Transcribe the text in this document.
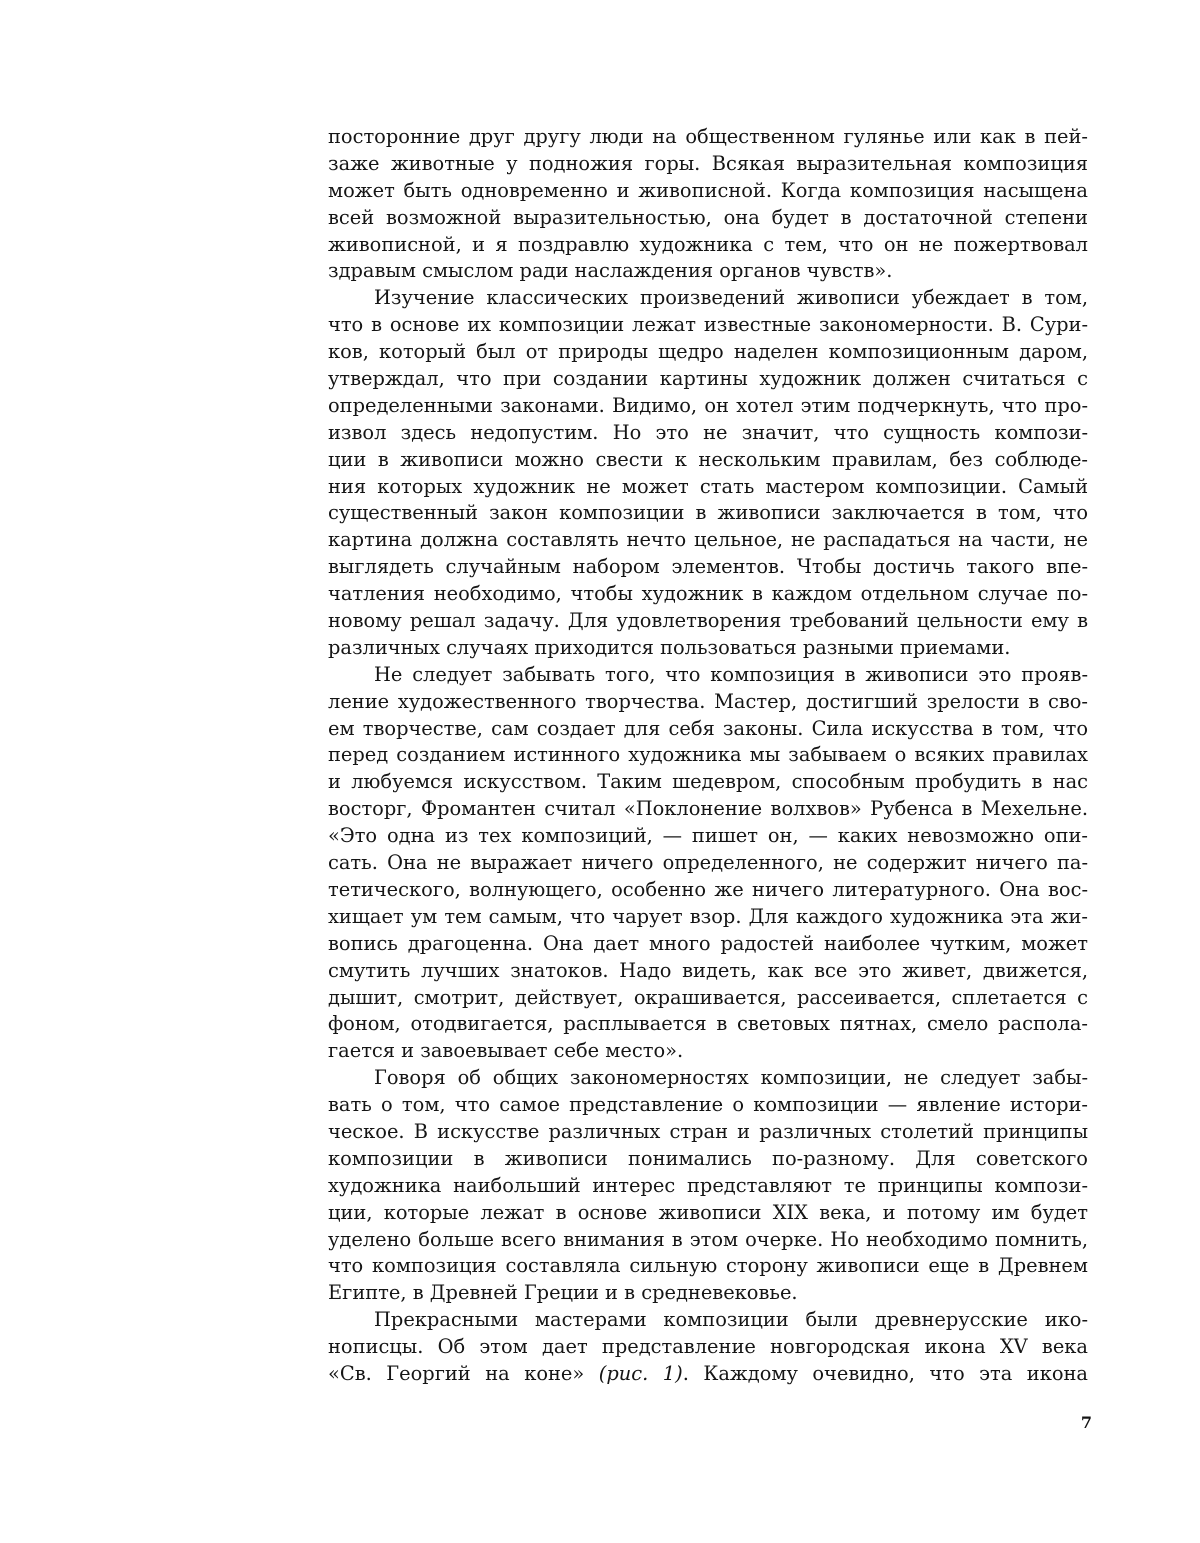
посторонние друг другу люди на общественном гулянье или как в пей-
заже животные у подножия горы. Всякая выразительная композиция
может быть одновременно и живописной. Когда композиция насыщена
всей возможной выразительностью, она будет в достаточной степени
живописной, и я поздравлю художника с тем, что он не пожертвовал
здравым смыслом ради наслаждения органов чувств».
Изучение классических произведений живописи убеждает в том,
что в основе их композиции лежат известные закономерности. В. Сури-
ков, который был от природы щедро наделен композиционным даром,
утверждал, что при создании картины художник должен считаться с
определенными законами. Видимо, он хотел этим подчеркнуть, что про-
извол здесь недопустим. Но это не значит, что сущность компози-
ции в живописи можно свести к нескольким правилам, без соблюде-
ния которых художник не может стать мастером композиции. Самый
существенный закон композиции в живописи заключается в том, что
картина должна составлять нечто цельное, не распадаться на части, не
выглядеть случайным набором элементов. Чтобы достичь такого впе-
чатления необходимо, чтобы художник в каждом отдельном случае по-
новому решал задачу. Для удовлетворения требований цельности ему в
различных случаях приходится пользоваться разными приемами.
Не следует забывать того, что композиция в живописи это прояв-
ление художественного творчества. Мастер, достигший зрелости в сво-
ем творчестве, сам создает для себя законы. Сила искусства в том, что
перед созданием истинного художника мы забываем о всяких правилах
и любуемся искусством. Таким шедевром, способным пробудить в нас
восторг, Фромантен считал «Поклонение волхвов» Рубенса в Мехельне.
«Это одна из тех композиций, — пишет он, — каких невозможно опи-
сать. Она не выражает ничего определенного, не содержит ничего па-
тетического, волнующего, особенно же ничего литературного. Она вос-
хищает ум тем самым, что чарует взор. Для каждого художника эта жи-
вопись драгоценна. Она дает много радостей наиболее чутким, может
смутить лучших знатоков. Надо видеть, как все это живет, движется,
дышит, смотрит, действует, окрашивается, рассеивается, сплетается с
фоном, отодвигается, расплывается в световых пятнах, смело распола-
гается и завоевывает себе место».
Говоря об общих закономерностях композиции, не следует забы-
вать о том, что самое представление о композиции — явление истори-
ческое. В искусстве различных стран и различных столетий принципы
композиции в живописи понимались по-разному. Для советского
художника наибольший интерес представляют те принципы компози-
ции, которые лежат в основе живописи XIX века, и потому им будет
уделено больше всего внимания в этом очерке. Но необходимо помнить,
что композиция составляла сильную сторону живописи еще в Древнем
Египте, в Древней Греции и в средневековье.
Прекрасными мастерами композиции были древнерусские ико-
нописцы. Об этом дает представление новгородская икона XV века
«Св. Георгий на коне» (рис. 1). Каждому очевидно, что эта икона
7
